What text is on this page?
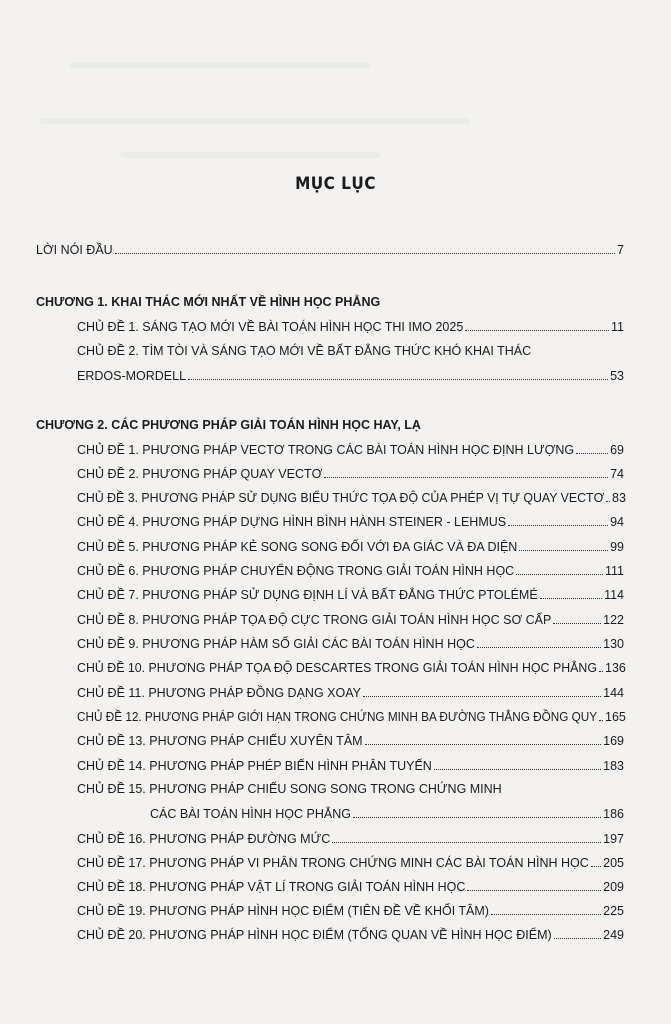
MỤC LỤC
LỜI NÓI ĐẦU	7
CHƯƠNG 1. KHAI THÁC MỚI NHẤT VỀ HÌNH HỌC PHẲNG
CHỦ ĐỀ 1. SÁNG TẠO MỚI VỀ BÀI TOÁN HÌNH HỌC THI IMO 2025	11
CHỦ ĐỀ 2. TÌM TÒI VÀ SÁNG TẠO MỚI VỀ BẤT ĐẲNG THỨC KHÓ KHAI THÁC
ERDOS-MORDELL	53
CHƯƠNG 2. CÁC PHƯƠNG PHÁP GIẢI TOÁN HÌNH HỌC HAY, LẠ
CHỦ ĐỀ 1. PHƯƠNG PHÁP VECTƠ TRONG CÁC BÀI TOÁN HÌNH HỌC ĐỊNH LƯỢNG	69
CHỦ ĐỀ 2. PHƯƠNG PHÁP QUAY VECTƠ	74
CHỦ ĐỀ 3. PHƯƠNG PHÁP SỬ DỤNG BIỂU THỨC TỌA ĐỘ CỦA PHÉP VỊ TỰ QUAY VECTƠ 83
CHỦ ĐỀ 4. PHƯƠNG PHÁP DỰNG HÌNH BÌNH HÀNH STEINER - LEHMUS	94
CHỦ ĐỀ 5. PHƯƠNG PHÁP KẺ SONG SONG ĐỐI VỚI ĐA GIÁC VÀ ĐA DIỆN	99
CHỦ ĐỀ 6. PHƯƠNG PHÁP CHUYỂN ĐỘNG TRONG GIẢI TOÁN HÌNH HỌC	111
CHỦ ĐỀ 7. PHƯƠNG PHÁP SỬ DỤNG ĐỊNH LÍ VÀ BẤT ĐẲNG THỨC PTOLÉMÉ	114
CHỦ ĐỀ 8. PHƯƠNG PHÁP TỌA ĐỘ CỰC TRONG GIẢI TOÁN HÌNH HỌC SƠ CẤP	122
CHỦ ĐỀ 9. PHƯƠNG PHÁP HÀM SỐ GIẢI CÁC BÀI TOÁN HÌNH HỌC	130
CHỦ ĐỀ 10. PHƯƠNG PHÁP TỌA ĐỘ DESCARTES TRONG GIẢI TOÁN HÌNH HỌC PHẲNG 136
CHỦ ĐỀ 11. PHƯƠNG PHÁP ĐỒNG DẠNG XOAY	144
CHỦ ĐỀ 12. PHƯƠNG PHÁP GIỚI HẠN TRONG CHỨNG MINH BA ĐƯỜNG THẲNG ĐỒNG QUY 165
CHỦ ĐỀ 13. PHƯƠNG PHÁP CHIẾU XUYÊN TÂM	169
CHỦ ĐỀ 14. PHƯƠNG PHÁP PHÉP BIẾN HÌNH PHÂN TUYẾN	183
CHỦ ĐỀ 15. PHƯƠNG PHÁP CHIẾU SONG SONG TRONG CHỨNG MINH
CÁC BÀI TOÁN HÌNH HỌC PHẲNG	186
CHỦ ĐỀ 16. PHƯƠNG PHÁP ĐƯỜNG MỨC	197
CHỦ ĐỀ 17. PHƯƠNG PHÁP VI PHÂN TRONG CHỨNG MINH CÁC BÀI TOÁN HÌNH HỌC 205
CHỦ ĐỀ 18. PHƯƠNG PHÁP VẬT LÍ TRONG GIẢI TOÁN HÌNH HỌC	209
CHỦ ĐỀ 19. PHƯƠNG PHÁP HÌNH HỌC ĐIỂM (TIÊN ĐỀ VỀ KHỐI TÂM)	225
CHỦ ĐỀ 20. PHƯƠNG PHÁP HÌNH HỌC ĐIỂM (TỔNG QUAN VỀ HÌNH HỌC ĐIỂM)	249
